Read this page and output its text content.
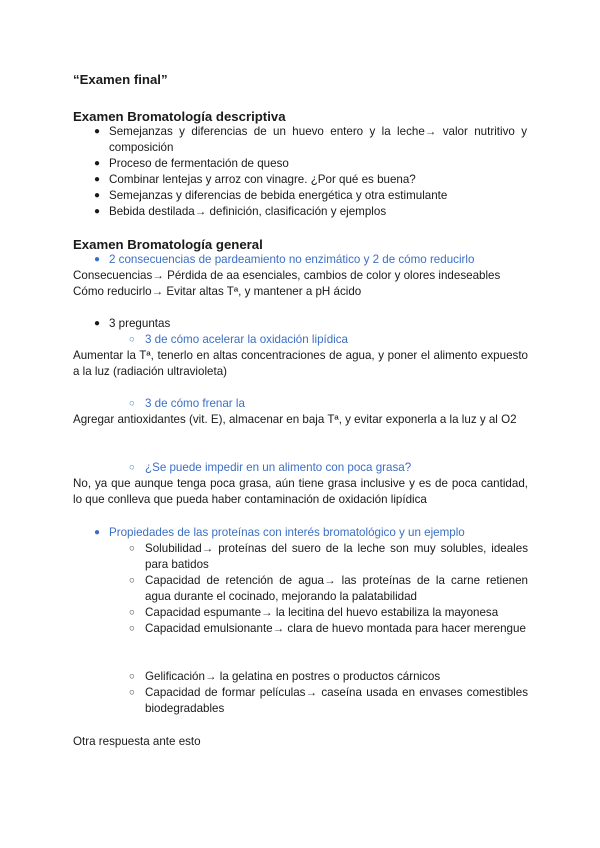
“Examen final”
Examen Bromatología descriptiva
● Semejanzas y diferencias de un huevo entero y la leche→ valor nutritivo y composición
● Proceso de fermentación de queso
● Combinar lentejas y arroz con vinagre. ¿Por qué es buena?
● Semejanzas y diferencias de bebida energética y otra estimulante
● Bebida destilada→ definición, clasificación y ejemplos
Examen Bromatología general
● 2 consecuencias de pardeamiento no enzimático y 2 de cómo reducirlo
Consecuencias→ Pérdida de aa esenciales, cambios de color y olores indeseables
Cómo reducirlo→ Evitar altas Tª, y mantener a pH ácido
● 3 preguntas
○ 3 de cómo acelerar la oxidación lipídica
Aumentar la Tª, tenerlo en altas concentraciones de agua, y poner el alimento expuesto a la luz (radiación ultravioleta)
○ 3 de cómo frenar la
Agregar antioxidantes (vit. E), almacenar en baja Tª, y evitar exponerla a la luz y al O2
○ ¿Se puede impedir en un alimento con poca grasa?
No, ya que aunque tenga poca grasa, aún tiene grasa inclusive y es de poca cantidad, lo que conlleva que pueda haber contaminación de oxidación lipídica
● Propiedades de las proteínas con interés bromatológico y un ejemplo
○ Solubilidad→ proteínas del suero de la leche son muy solubles, ideales para batidos
○ Capacidad de retención de agua→ las proteínas de la carne retienen agua durante el cocinado, mejorando la palatabilidad
○ Capacidad espumante→ la lecitina del huevo estabiliza la mayonesa
○ Capacidad emulsionante→ clara de huevo montada para hacer merengue
○ Gelificación→ la gelatina en postres o productos cárnicos
○ Capacidad de formar películas→ caseína usada en envases comestibles biodegradables
Otra respuesta ante esto
